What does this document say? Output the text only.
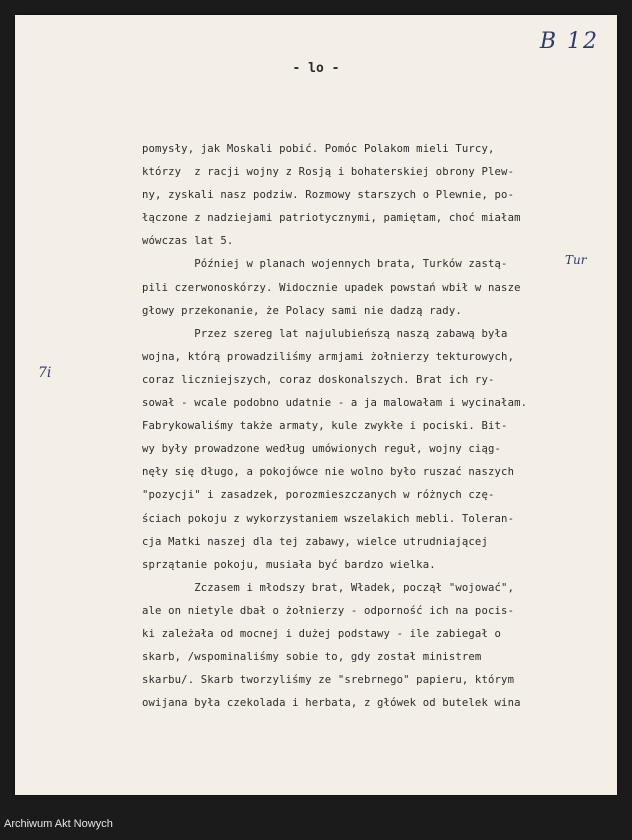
- lo -
B 12
7i
Tur
pomysły, jak Moskali pobić. Pomóc Polakom mieli Turcy,
którzy  z racji wojny z Rosją i bohaterskiej obrony Plew-
ny, zyskali nasz podziw. Rozmowy starszych o Plewnie, po-
łączone z nadziejami patriotycznymi, pamiętam, choć miałam
wówczas lat 5.
Później w planach wojennych brata, Turków zastą-
pili czerwonoskórzy. Widocznie upadek powstań wbił w nasze
głowy przekonanie, że Polacy sami nie dadzą rady.
Przez szereg lat najulubieńszą naszą zabawą była
wojna, którą prowadziliśmy armjami żołnierzy tekturowych,
coraz liczniejszych, coraz doskonalszych. Brat ich ry-
sował - wcale podobno udatnie - a ja malowałam i wycinałam.
Fabrykowaliśmy także armaty, kule zwykłe i pociski. Bit-
wy były prowadzone według umówionych reguł, wojny ciąg-
nęły się długo, a pokojówce nie wolno było ruszać naszych
"pozycji" i zasadzek, porozmieszczanych w różnych czę-
ściach pokoju z wykorzystaniem wszelakich mebli. Toleran-
cja Matki naszej dla tej zabawy, wielce utrudniającej
sprzątanie pokoju, musiała być bardzo wielka.
Zczasem i młodszy brat, Władek, począł "wojować",
ale on nietyle dbał o żołnierzy - odporność ich na pocis-
ki zależała od mocnej i dużej podstawy - ile zabiegał o
skarb, /wspominaliśmy sobie to, gdy został ministrem
skarbu/. Skarb tworzyliśmy ze "srebrnego" papieru, którym
owijana była czekolada i herbata, z główek od butelek wina
Archiwum Akt Nowych
